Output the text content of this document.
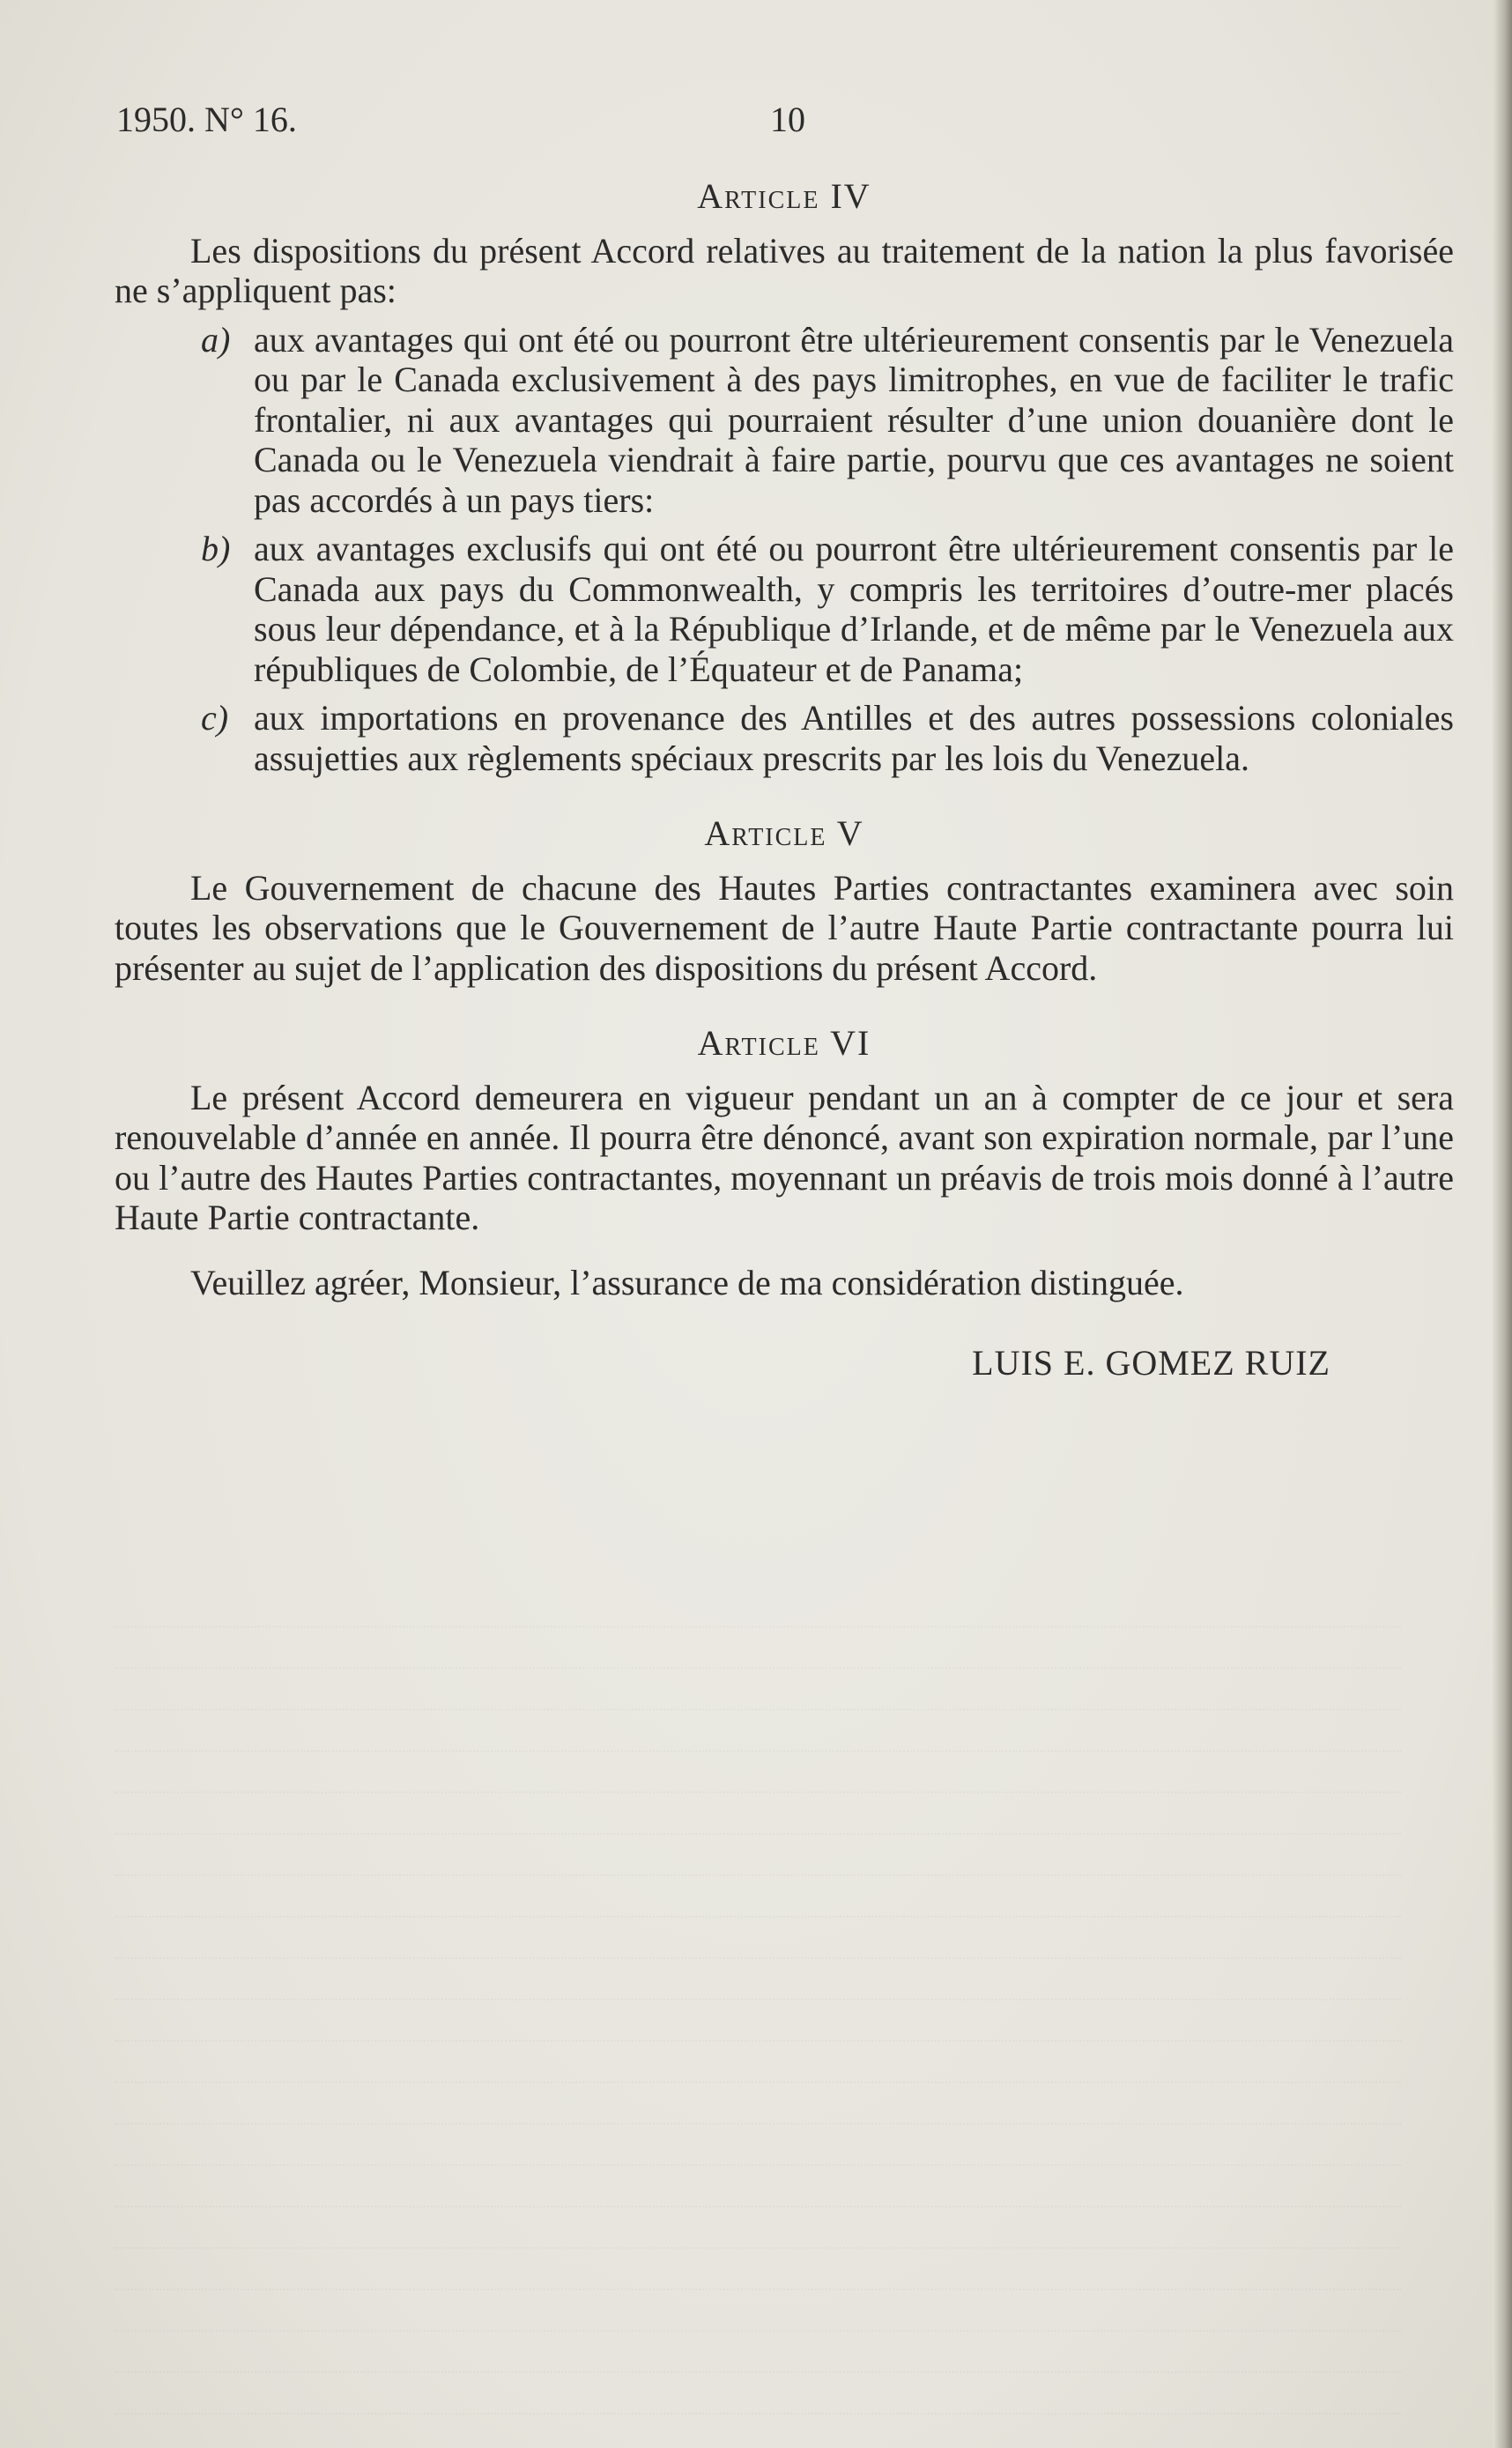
1950. N° 16.	10
Article IV

Les dispositions du présent Accord relatives au traitement de la nation la plus favorisée ne s’appliquent pas:

a) aux avantages qui ont été ou pourront être ultérieurement consentis par le Venezuela ou par le Canada exclusivement à des pays limitrophes, en vue de faciliter le trafic frontalier, ni aux avantages qui pourraient résulter d’une union douanière dont le Canada ou le Venezuela viendrait à faire partie, pourvu que ces avantages ne soient pas accordés à un pays tiers:

b) aux avantages exclusifs qui ont été ou pourront être ultérieurement consentis par le Canada aux pays du Commonwealth, y compris les territoires d’outre-mer placés sous leur dépendance, et à la République d’Irlande, et de même par le Venezuela aux républiques de Colombie, de l’Équateur et de Panama;

c) aux importations en provenance des Antilles et des autres possessions coloniales assujetties aux règlements spéciaux prescrits par les lois du Venezuela.

Article V

Le Gouvernement de chacune des Hautes Parties contractantes examinera avec soin toutes les observations que le Gouvernement de l’autre Haute Partie contractante pourra lui présenter au sujet de l’application des dispositions du présent Accord.

Article VI

Le présent Accord demeurera en vigueur pendant un an à compter de ce jour et sera renouvelable d’année en année. Il pourra être dénoncé, avant son expiration normale, par l’une ou l’autre des Hautes Parties contractantes, moyennant un préavis de trois mois donné à l’autre Haute Partie contractante.

Veuillez agréer, Monsieur, l’assurance de ma considération distinguée.

LUIS E. GOMEZ RUIZ
